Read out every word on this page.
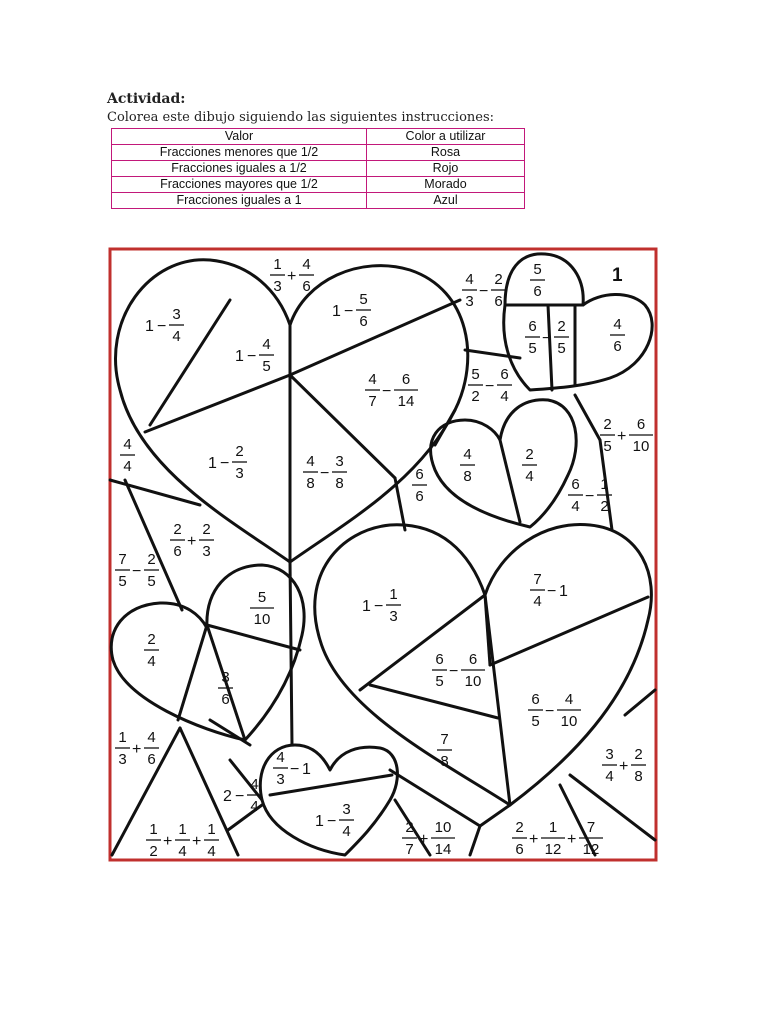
Actividad:
Colorea este dibujo siguiendo las siguientes instrucciones:
Valor	Color a utilizar
Fracciones menores que 1/2	Rosa
Fracciones iguales a 1/2	Rojo
Fracciones mayores que 1/2	Morado
Fracciones iguales a 1	Azul
1
1
3
+
4
6
1 −
3
4
1 −
5
6
1 −
4
5
4
7
−
6
14
1 −
2
3
4
8
−
3
8
4
4
2
6
+
2
3
7
5
−
2
5
4
3
−
2
6
5
6
6
5
−
2
5
4
6
5
2
−
6
4
2
5
+
6
10
4
8
2
4
6
6
6
4
−
1
2
5
10
2
4
3
6
1 −
1
3
7
4
− 1
6
5
−
6
10
6
5
−
4
10
7
8
1
3
+
4
6
2 −
4
4
4
3
− 1
1 −
3
4
3
4
+
2
8
1
2
+
1
4
+
1
4
2
7
+
10
14
2
6
+
1
12
+
7
12
